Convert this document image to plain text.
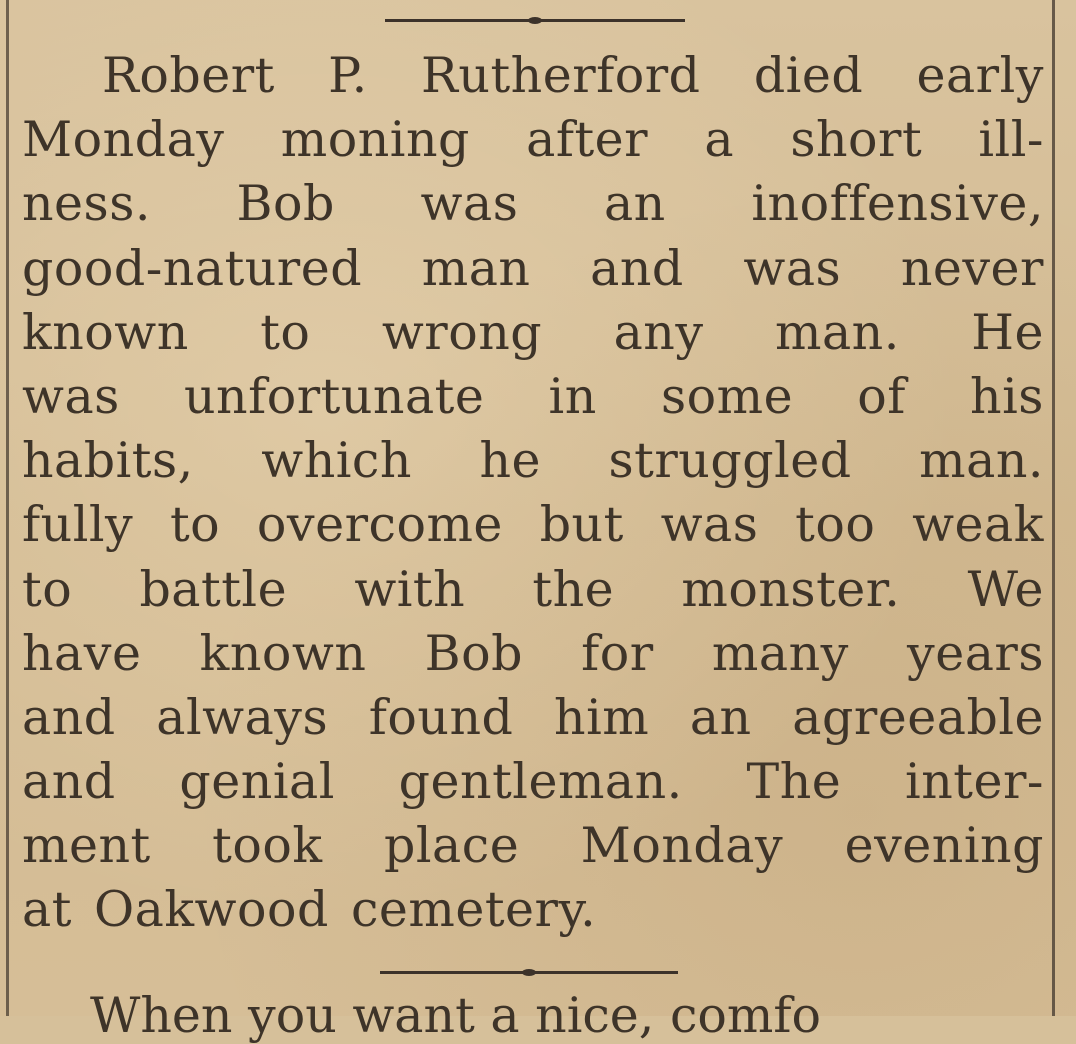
Robert P. Rutherford died early
Monday moning after a short ill-
ness. Bob was an inoffensive,
good-natured man and was never
known to wrong any man. He
was unfortunate in some of his
habits, which he struggled man.
fully to overcome but was too weak
to battle with the monster. We
have known Bob for many years
and always found him an agreeable
and genial gentleman. The inter-
ment took place Monday evening
at Oakwood cemetery.
When you want a nice, comfo
